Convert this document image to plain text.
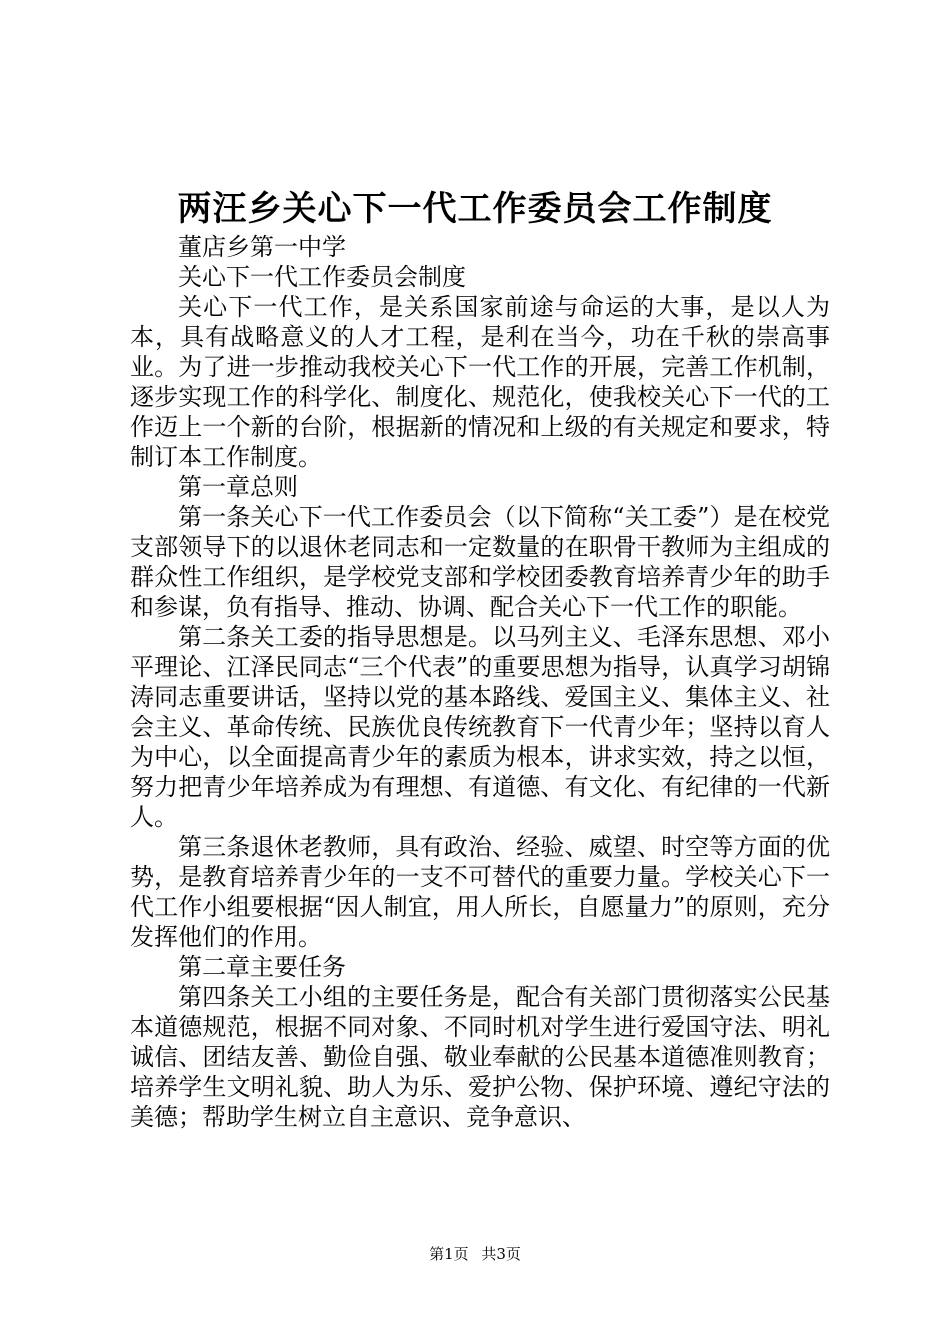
两汪乡关心下一代工作委员会工作制度

董店乡第一中学

关心下一代工作委员会制度

关心下一代工作，是关系国家前途与命运的大事，是以人为本，具有战略意义的人才工程，是利在当今，功在千秋的崇高事业。为了进一步推动我校关心下一代工作的开展，完善工作机制，逐步实现工作的科学化、制度化、规范化，使我校关心下一代的工作迈上一个新的台阶，根据新的情况和上级的有关规定和要求，特制订本工作制度。

第一章总则

第一条关心下一代工作委员会（以下简称“关工委”）是在校党支部领导下的以退休老同志和一定数量的在职骨干教师为主组成的群众性工作组织，是学校党支部和学校团委教育培养青少年的助手和参谋，负有指导、推动、协调、配合关心下一代工作的职能。

第二条关工委的指导思想是。以马列主义、毛泽东思想、邓小平理论、江泽民同志“三个代表”的重要思想为指导，认真学习胡锦涛同志重要讲话，坚持以党的基本路线、爱国主义、集体主义、社会主义、革命传统、民族优良传统教育下一代青少年；坚持以育人为中心，以全面提高青少年的素质为根本，讲求实效，持之以恒，努力把青少年培养成为有理想、有道德、有文化、有纪律的一代新人。

第三条退休老教师，具有政治、经验、威望、时空等方面的优势，是教育培养青少年的一支不可替代的重要力量。学校关心下一代工作小组要根据“因人制宜，用人所长，自愿量力”的原则，充分发挥他们的作用。

第二章主要任务

第四条关工小组的主要任务是，配合有关部门贯彻落实公民基本道德规范，根据不同对象、不同时机对学生进行爱国守法、明礼诚信、团结友善、勤俭自强、敬业奉献的公民基本道德准则教育；培养学生文明礼貌、助人为乐、爱护公物、保护环境、遵纪守法的美德；帮助学生树立自主意识、竞争意识、

第1页 共3页
